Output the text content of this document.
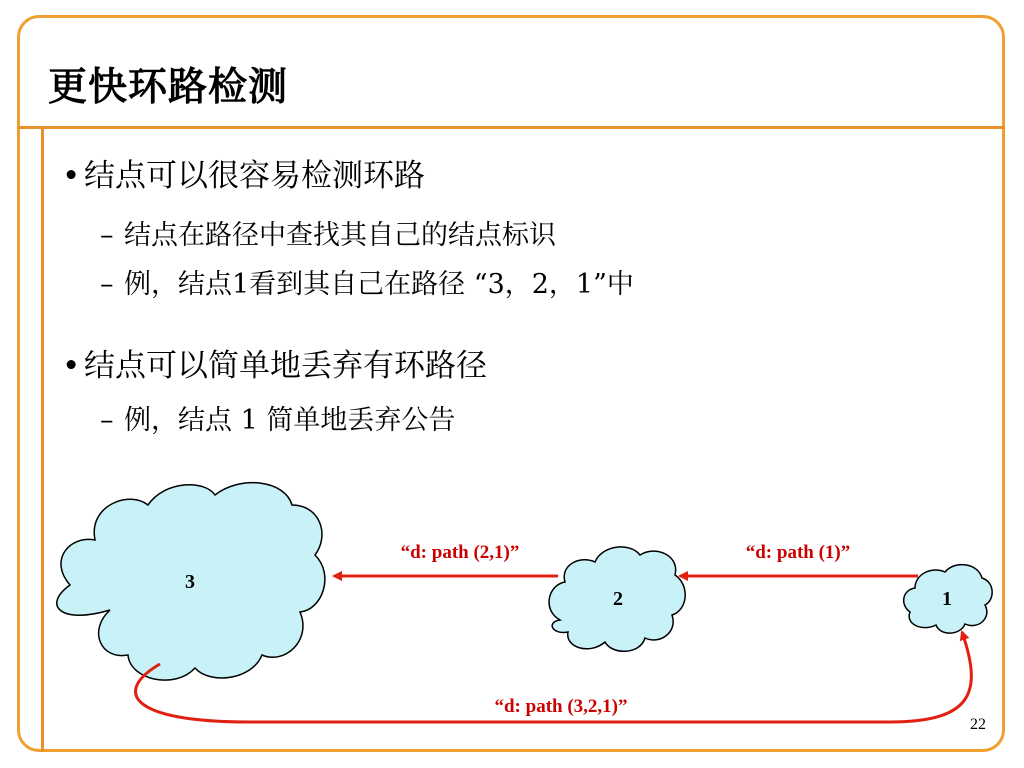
更快环路检测
• 结点可以很容易检测环路
– 结点在路径中查找其自己的结点标识
– 例，结点1看到其自己在路径 “3，2，1”中
• 结点可以简单地丢弃有环路径
– 例，结点 1 简单地丢弃公告
3
2	1
“d: path (2,1)”	“d: path (1)”
“d: path (3,2,1)”
22
